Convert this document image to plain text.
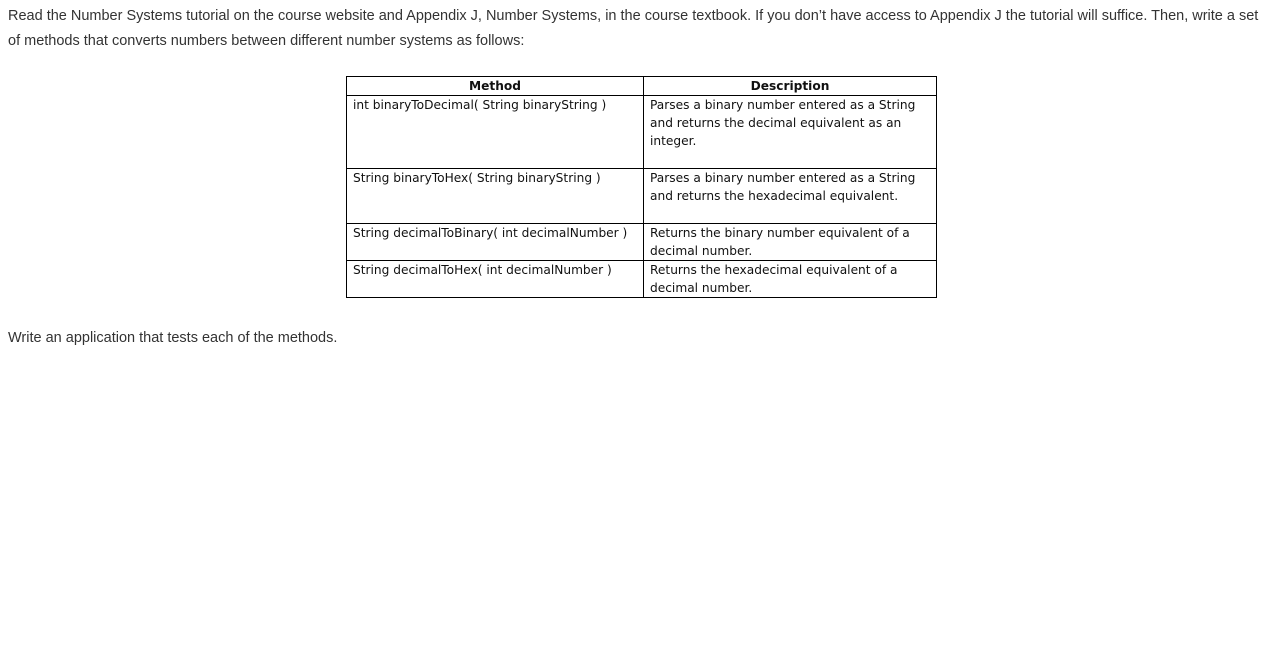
Read the Number Systems tutorial on the course website and Appendix J, Number Systems, in the course textbook. If you don’t have access to Appendix J the tutorial will suffice. Then, write a set of methods that converts numbers between different number systems as follows:

Method	Description
int binaryToDecimal( String binaryString )	Parses a binary number entered as a String and returns the decimal equivalent as an integer.
String binaryToHex( String binaryString )	Parses a binary number entered as a String and returns the hexadecimal equivalent.
String decimalToBinary( int decimalNumber )	Returns the binary number equivalent of a decimal number.
String decimalToHex( int decimalNumber )	Returns the hexadecimal equivalent of a decimal number.

Write an application that tests each of the methods.
